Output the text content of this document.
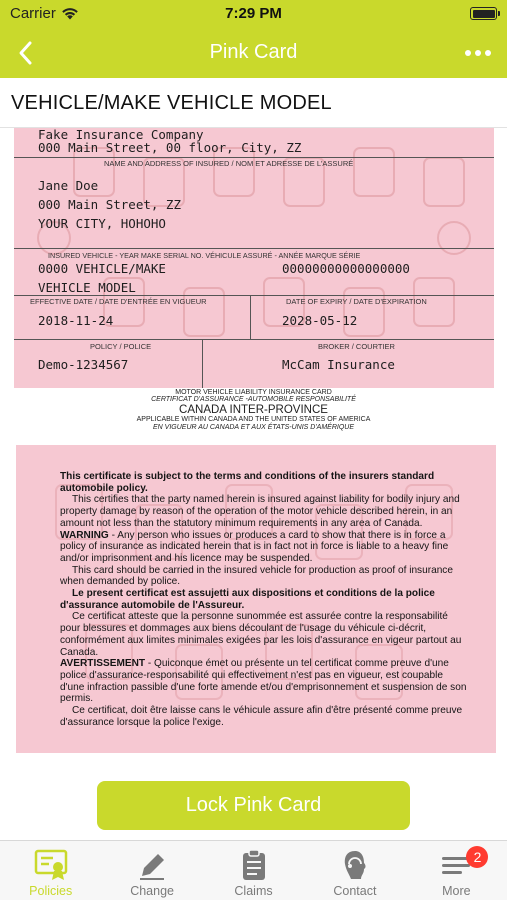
Carrier	7:29 PM
Pink Card
VEHICLE/MAKE VEHICLE MODEL
Fake Insurance Company
000 Main Street, 00 floor, City, ZZ
NAME AND ADDRESS OF INSURED / NOM ET ADRESSE DE L'ASSURÉ
Jane Doe
000 Main Street, ZZ
YOUR CITY, HOHOHO
INSURED VEHICLE - YEAR MAKE SERIAL NO. VÉHICULE ASSURÉ - ANNÉE MARQUE SÉRIE
0000 VEHICLE/MAKE	00000000000000000
VEHICLE MODEL
EFFECTIVE DATE / DATE D'ENTRÉE EN VIGUEUR
2018-11-24
DATE OF EXPIRY / DATE D'EXPIRATION
2028-05-12
POLICY / POLICE
Demo-1234567
BROKER / COURTIER
McCam Insurance
MOTOR VEHICLE LIABILITY INSURANCE CARD
CERTIFICAT D'ASSURANCE -AUTOMOBILE RESPONSABILITÉ
CANADA INTER-PROVINCE
APPLICABLE WITHIN CANADA AND THE UNITED STATES OF AMERICA
EN VIGUEUR AU CANADA ET AUX ÉTATS-UNIS D'AMÉRIQUE

This certificate is subject to the terms and conditions of the insurers standard automobile policy.

This certifies that the party named herein is insured against liability for bodily injury and property damage by reason of the operation of the motor vehicle described herein, in an amount not less than the statutory minimum requirements in any area of Canada.

WARNING - Any person who issues or produces a card to show that there is in force a policy of insurance as indicated herein that is in fact not in force is liable to a heavy fine and/or imprisonment and his licence may be suspended.

This card should be carried in the insured vehicle for production as proof of insurance when demanded by police.

Le present certificat est assujetti aux dispositions et conditions de la police d'assurance automobile de l'Assureur.

Ce certificat atteste que la personne sunommée est assurée contre la responsabilité pour blessures et dommages aux biens découlant de l'usage du véhicule ci-décrit, conformément aux limites minimales exigées par les lois d'assurance en vigeur partout au Canada.

AVERTISSEMENT - Quiconque émet ou présente un tel certificat comme preuve d'une police d'assurance-responsabilité qui effectivement n'est pas en vigueur, est coupable d'une infraction passible d'une forte amende et/ou d'emprisonnement et suspension de son permis.

Ce certificat, doit être laisse cans le véhicule assure afin d'être présenté comme preuve d'assurance lorsque la police l'exige.

Lock Pink Card
Policies	Change	Claims	Contact	More
2
